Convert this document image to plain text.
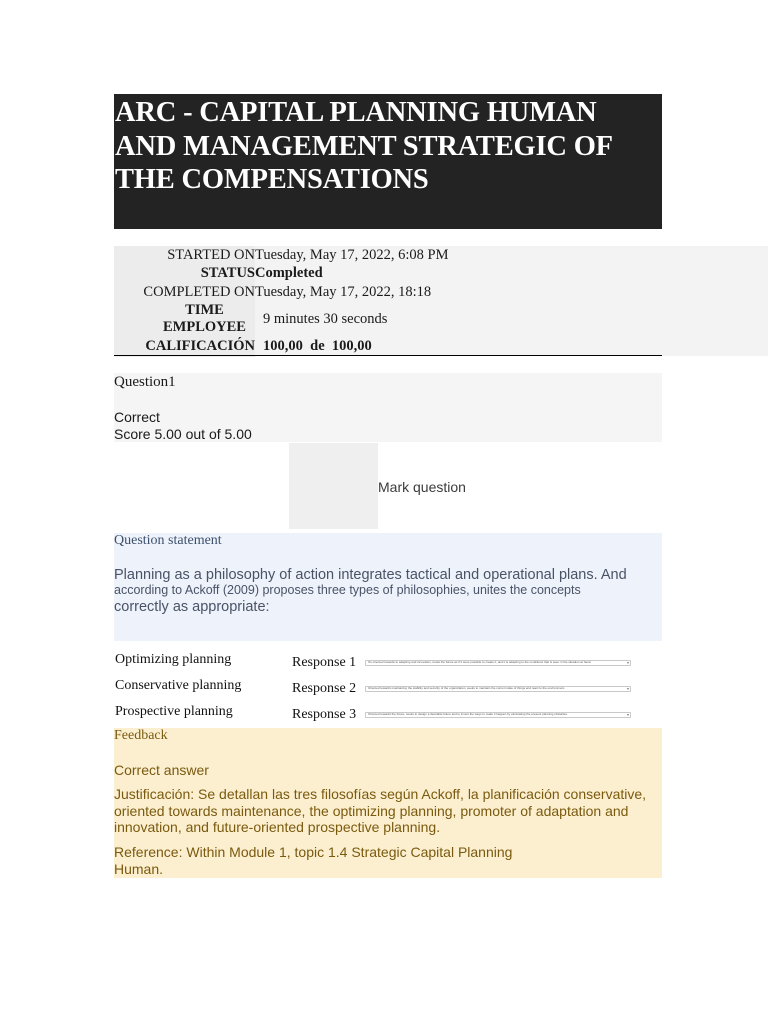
ARC - CAPITAL PLANNING HUMAN AND MANAGEMENT STRATEGIC OF THE COMPENSATIONS
STARTED ON	Tuesday, May 17, 2022, 6:08 PM
STATUS	Completed
COMPLETED ON	Tuesday, May 17, 2022, 18:18
TIME EMPLOYEE	9 minutes 30 seconds
CALIFICACIÓN	100,00  de  100,00
Question1
Correct
Score 5.00 out of 5.00
Mark question
Question statement
Planning as a philosophy of action integrates tactical and operational plans. And
according to Ackoff (2009) proposes three types of philosophies, unites the concepts
correctly as appropriate:
Optimizing planning	Response 1	It's oriented towards to adapting and innovation, treats the future as if it were possible to create it, and it is adapting to the conditions that is seen in the situation at hand.	▾
Conservative planning	Response 2	Oriented towards maintaining the stability and security of the organization, seeks to maintain the current state of things and react to the environment.	▾
Prospective planning	Response 3	Oriented towards the future, seeks to design a desirable future and to invent the ways to make it happen by eliminating the present planning obstacles.	▾
Feedback
Correct answer
Justificación: Se detallan las tres filosofías según Ackoff, la planificación conservative, oriented towards maintenance, the optimizing planning, promoter of adaptation and innovation, and future-oriented prospective planning.
Reference: Within Module 1, topic 1.4 Strategic Capital Planning Human.
